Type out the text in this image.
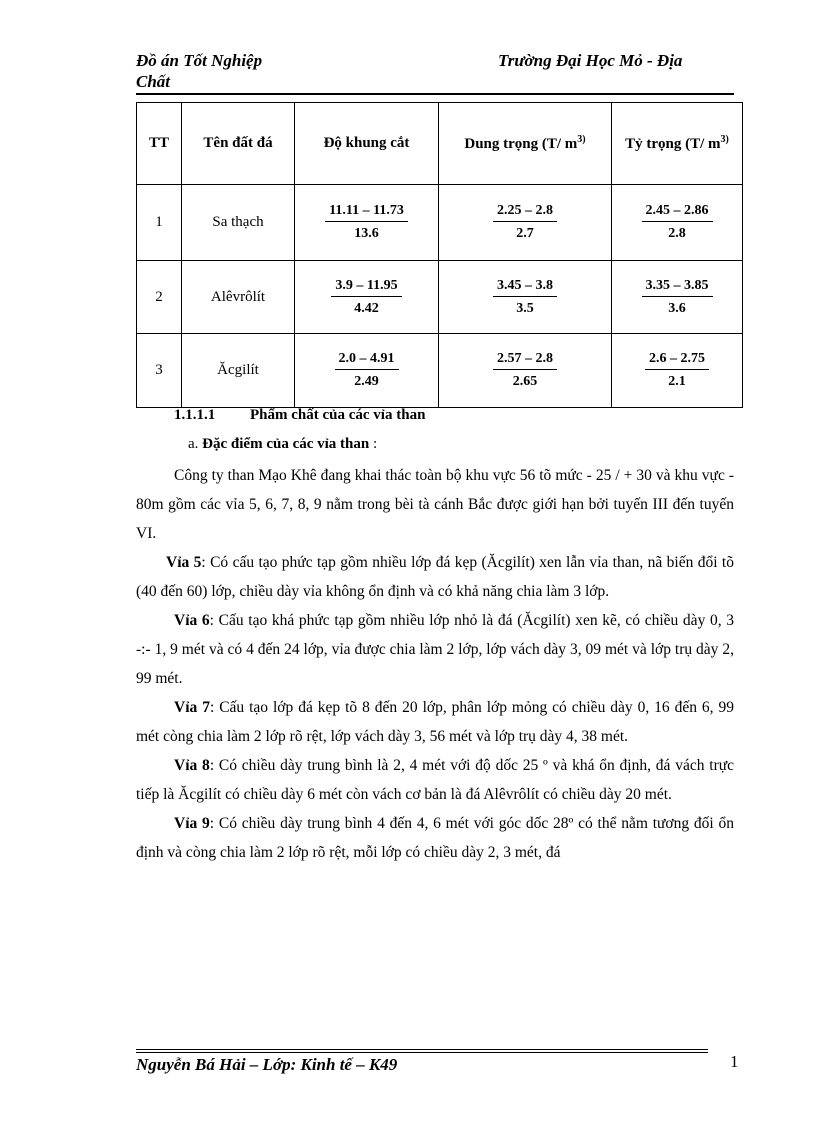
Đồ án Tốt Nghiệp
Chất
Trường Đại Học Mỏ - Địa
TT	Tên đất đá	Độ khung cắt	Dung trọng (T/ $m^{3)}$	Tỷ trọng (T/ $m^{3)}$
1	Sa thạch	$\frac{11.11 - 11.73}{13.6}$	$\frac{2.25 - 2.8}{2.7}$	$\frac{2.45 - 2.86}{2.8}$

2	Alêvrôlít	$\frac{3.9 - 11.95}{4.42}$	$\frac{3.45 - 3.8}{3.5}$	$\frac{3.35 - 3.85}{3.6}$

3	Ăcgilít	$\frac{2.0 - 4.91}{2.49}$	$\frac{2.57 - 2.8}{2.65}$	$\frac{2.6 - 2.75}{2.1}$
1.1.1.1 Phẩm chất của các vỉa than
a. Đặc điểm của các vỉa than :

Công ty than Mạo Khê đang khai thác toàn bộ khu vực 56 tõ mức - 25 / + 30 và khu vực - 80m gồm các vỉa 5, 6, 7, 8, 9 nằm trong bèi tà cánh Bắc được giới hạn bởi tuyến III đến tuyến VI.

Vỉa 5: Có cấu tạo phức tạp gồm nhiều lớp đá kẹp (Ăcgilít) xen lẫn vỉa than, nã biến đổi tõ (40 đến 60) lớp, chiều dày vỉa không ổn định và có khả năng chia làm 3 lớp.

Vỉa 6: Cấu tạo khá phức tạp gồm nhiều lớp nhỏ là đá (Ăcgilít) xen kẽ, có chiều dày 0, 3 -:- 1, 9 mét và có 4 đến 24 lớp, vỉa được chia làm 2 lớp, lớp vách dày 3, 09 mét và lớp trụ dày 2, 99 mét.

Vỉa 7: Cấu tạo lớp đá kẹp tõ 8 đến 20 lớp, phân lớp mỏng có chiều dày 0, 16 đến 6, 99 mét còng chia làm 2 lớp rõ rệt, lớp vách dày 3, 56 mét và lớp trụ dày 4, 38 mét.

Vỉa 8: Có chiều dày trung bình là 2, 4 mét với độ dốc 25 º và khá ổn định, đá vách trực tiếp là Ăcgilít có chiều dày 6 mét còn vách cơ bản là đá Alêvrôlít có chiều dày 20 mét.

Vỉa 9: Có chiều dày trung bình 4 đến 4, 6 mét với góc dốc 28º có thể nằm tương đối ổn định và còng chia làm 2 lớp rõ rệt, mỗi lớp có chiều dày 2, 3 mét, đá

Nguyễn Bá Hải – Lớp: Kinh tế – K49	1
